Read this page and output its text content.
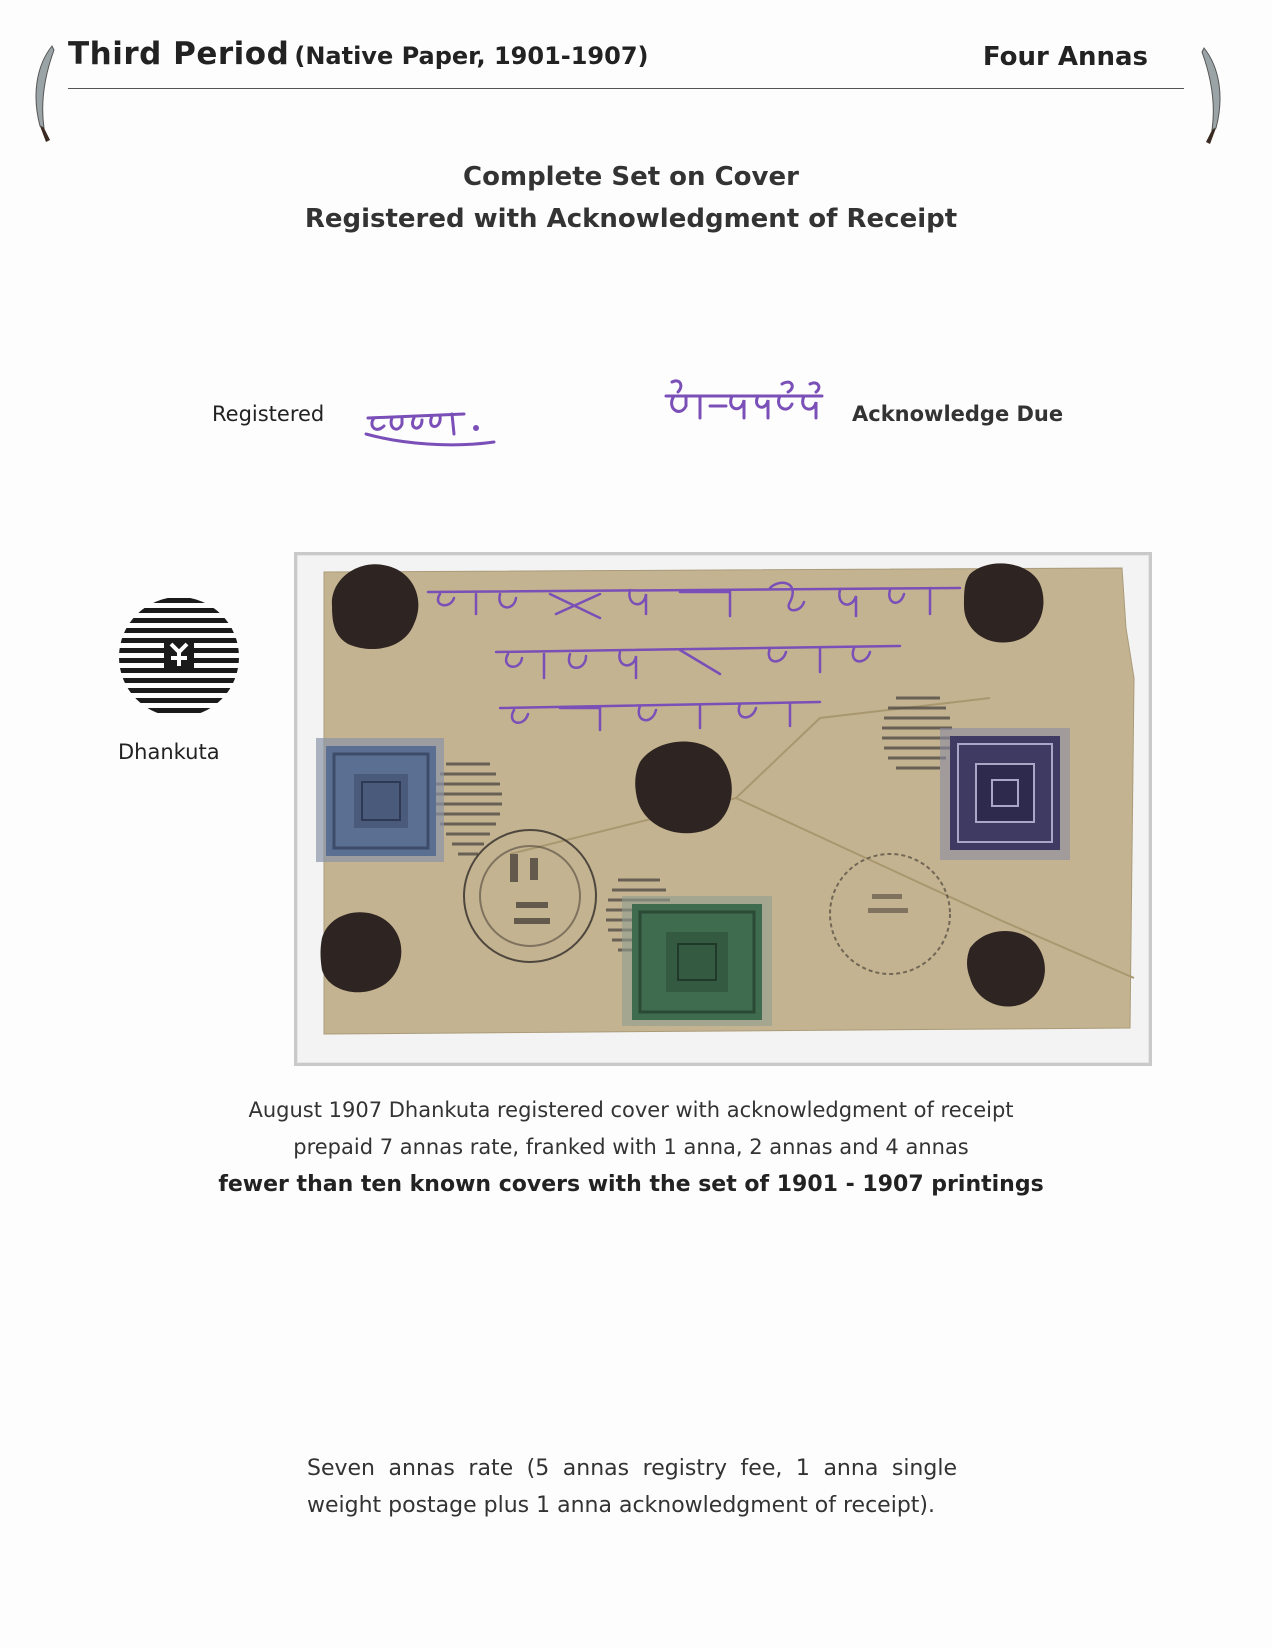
Third Period (Native Paper, 1901-1907)	Four Annas
Complete Set on Cover
Registered with Acknowledgment of Receipt
Registered	Acknowledge Due
Dhankuta
August 1907 Dhankuta registered cover with acknowledgment of receipt
prepaid 7 annas rate, franked with 1 anna, 2 annas and 4 annas
fewer than ten known covers with the set of 1901 - 1907 printings
Seven annas rate (5 annas registry fee, 1 anna single weight postage plus 1 anna acknowledgment of receipt).
